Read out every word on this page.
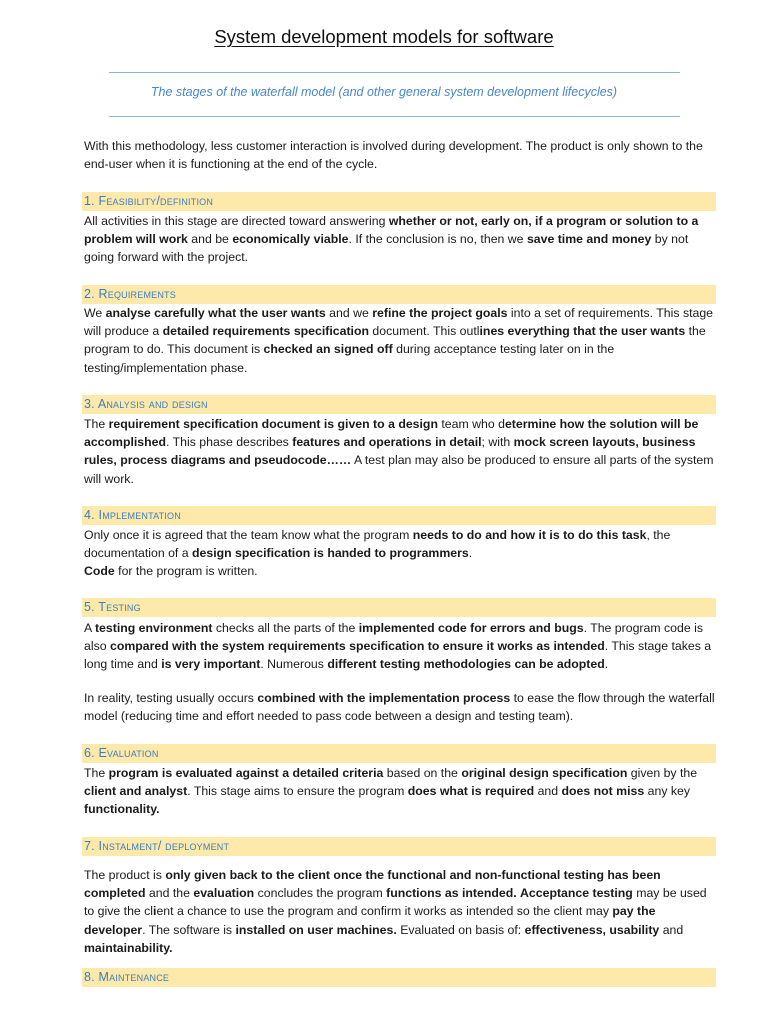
System development models for software
The stages of the waterfall model (and other general system development lifecycles)

With this methodology, less customer interaction is involved during development. The product is only shown to the end-user when it is functioning at the end of the cycle.

1. Feasibility/definition

All activities in this stage are directed toward answering whether or not, early on, if a program or solution to a problem will work and be economically viable. If the conclusion is no, then we save time and money by not going forward with the project.

2. Requirements

We analyse carefully what the user wants and we refine the project goals into a set of requirements. This stage will produce a detailed requirements specification document. This outlines everything that the user wants the program to do. This document is checked an signed off during acceptance testing later on in the testing/implementation phase.

3. Analysis and design

The requirement specification document is given to a design team who determine how the solution will be accomplished. This phase describes features and operations in detail; with mock screen layouts, business rules, process diagrams and pseudocode…… A test plan may also be produced to ensure all parts of the system will work.

4. Implementation

Only once it is agreed that the team know what the program needs to do and how it is to do this task, the documentation of a design specification is handed to programmers.
Code for the program is written.

5. Testing

A testing environment checks all the parts of the implemented code for errors and bugs. The program code is also compared with the system requirements specification to ensure it works as intended. This stage takes a long time and is very important. Numerous different testing methodologies can be adopted.

In reality, testing usually occurs combined with the implementation process to ease the flow through the waterfall model (reducing time and effort needed to pass code between a design and testing team).

6. Evaluation

The program is evaluated against a detailed criteria based on the original design specification given by the client and analyst. This stage aims to ensure the program does what is required and does not miss any key functionality.

7. Instalment/ deployment

The product is only given back to the client once the functional and non-functional testing has been completed and the evaluation concludes the program functions as intended. Acceptance testing may be used to give the client a chance to use the program and confirm it works as intended so the client may pay the developer. The software is installed on user machines. Evaluated on basis of: effectiveness, usability and maintainability.

8. Maintenance
